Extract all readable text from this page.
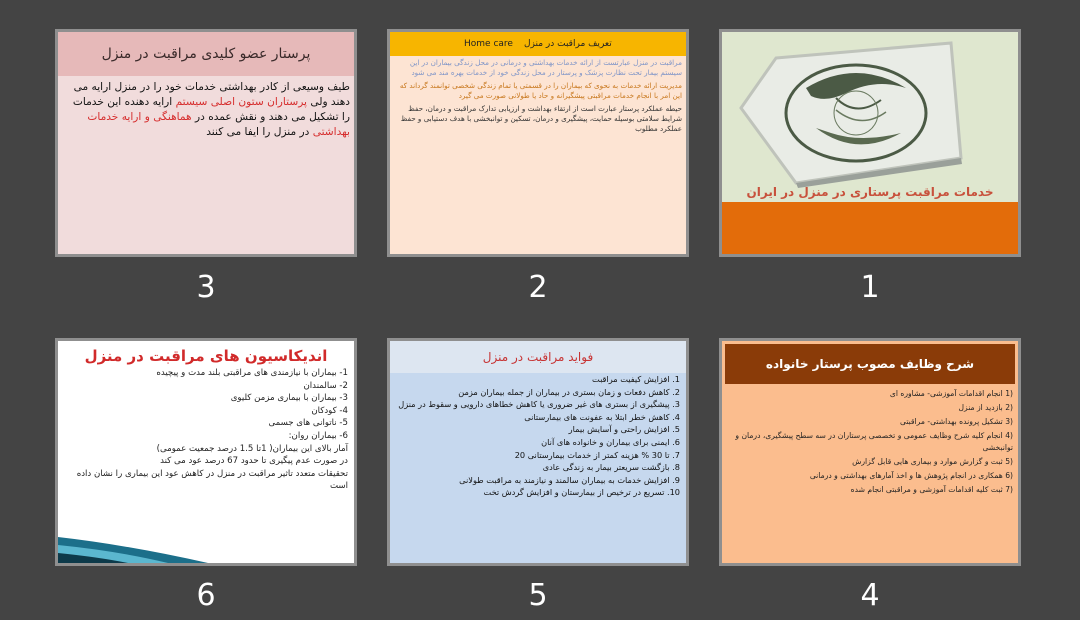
خدمات مراقبت پرستاری در منزل در ایران
1
Home care تعریف مراقبت در منزل

مراقبت در منزل عبارتست از ارائه خدمات بهداشتی و درمانی در محل زندگی بیماران در این سیستم بیمار تحت نظارت پزشک و پرستار در محل زندگی خود از خدمات بهره مند می شود

مدیریت ارائه خدمات به نحوی که بیماران را در قسمتی یا تمام زندگی شخصی توانمند گرداند که این امر با انجام خدمات مراقبتی پیشگیرانه و حاد یا طولانی صورت می گیرد

حیطه عملکرد پرستار عبارت است از ارتقاء بهداشت و ارزیابی تدارک مراقبت و درمان، حفظ شرایط سلامتی بوسیله حمایت، پیشگیری و درمان، تسکین و توانبخشی با هدف دستیابی و حفظ عملکرد مطلوب

2
پرستار عضو کلیدی مراقبت در منزل
طیف وسیعی از کادر بهداشتی خدمات خود را در منزل ارایه می دهند ولی پرستاران ستون اصلی سیستم ارایه دهنده این خدمات را تشکیل می دهند و نقش عمده در هماهنگی و ارایه خدمات بهداشتی در منزل را ایفا می کنند
3
شرح وظایف مصوب پرستار خانواده
(1 انجام اقدامات آموزشی- مشاوره ای
(2 بازدید از منزل
(3 تشکیل پرونده بهداشتی- مراقبتی
(4 انجام کلیه شرح وظایف عمومی و تخصصی پرستاران در سه سطح پیشگیری، درمان و توانبخشی
(5 ثبت و گزارش موارد و بیماری هایی قابل گزارش
(6 همکاری در انجام پژوهش ها و اخذ آمارهای بهداشتی و درمانی
(7 ثبت کلیه اقدامات آموزشی و مراقبتی انجام شده
4
فواید مراقبت در منزل
1. افزایش کیفیت مراقبت
2. کاهش دفعات و زمان بستری در بیماران از جمله بیماران مزمن
3. پیشگیری از بستری های غیر ضروری یا کاهش خطاهای دارویی و سقوط در منزل
4. کاهش خطر ابتلا به عفونت های بیمارستانی
5. افزایش راحتی و آسایش بیمار
6. ایمنی برای بیماران و خانواده های آنان
7. تا 30 % هزینه کمتر از خدمات بیمارستانی 20
8. بازگشت سریعتر بیمار به زندگی عادی
9. افزایش خدمات به بیماران سالمند و نیازمند به مراقبت طولانی
10. تسریع در ترخیص از بیمارستان و افزایش گردش تخت
5
اندیکاسیون های مراقبت در منزل
1- بیماران با نیازمندی های مراقبتی بلند مدت و پیچیده
2- سالمندان
3- بیماران با بیماری مزمن کلیوی
4- کودکان
5- ناتوانی های جسمی
6- بیماران روان:
آمار بالای این بیماران( 1تا 1.5 درصد جمعیت عمومی)
در صورت عدم پیگیری تا حدود 67 درصد عود می کند
تحقیقات متعدد تاثیر مراقبت در منزل در کاهش عود این بیماری را نشان داده است
6
